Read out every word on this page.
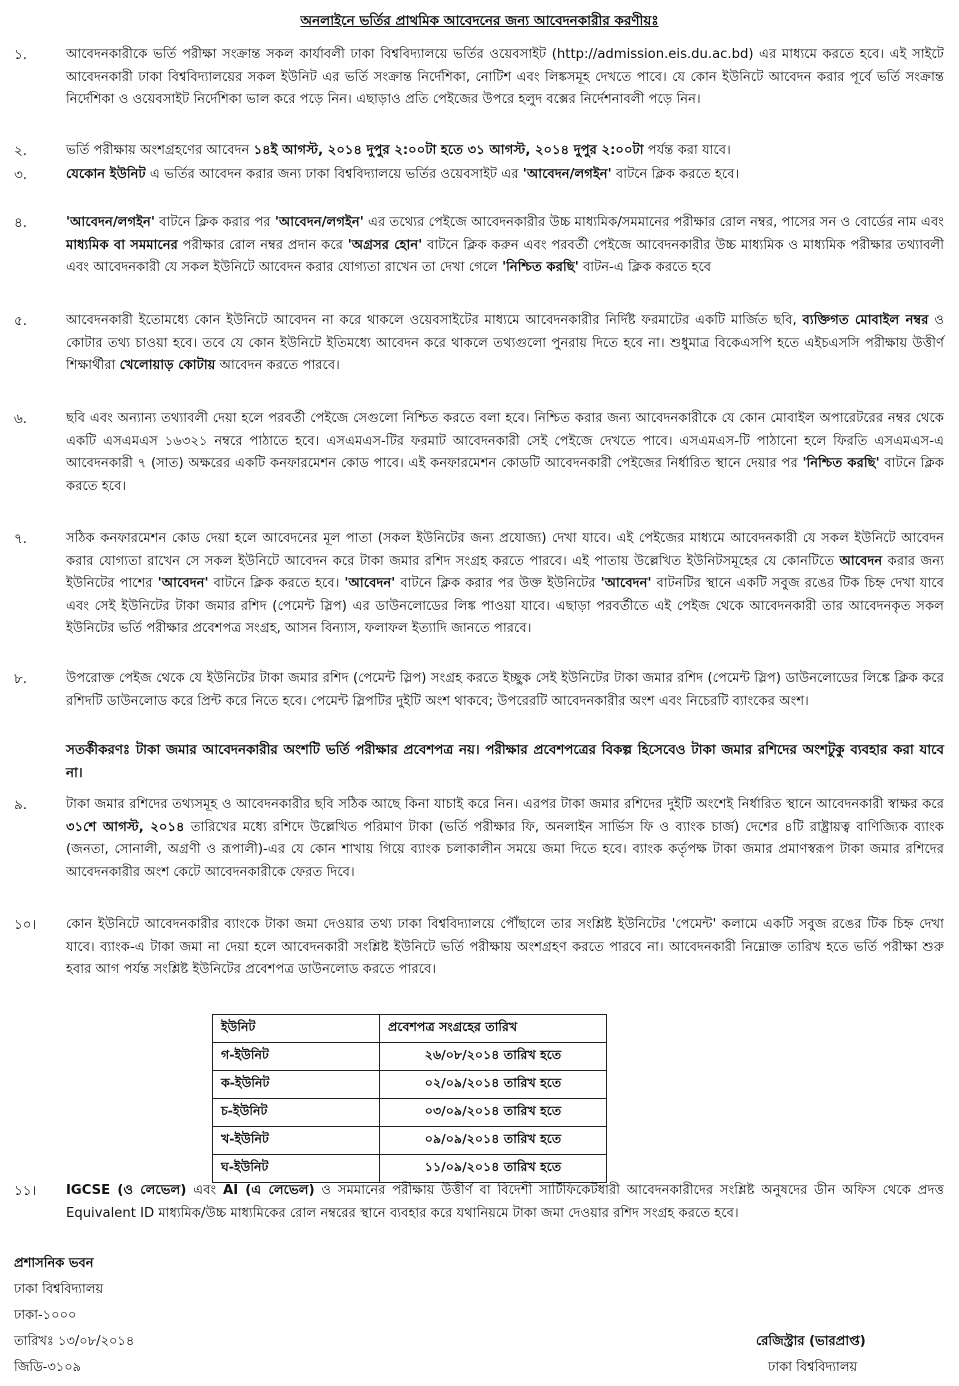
অনলাইনে ভর্তির প্রাথমিক আবেদনের জন্য আবেদনকারীর করণীয়ঃ
১.	আবেদনকারীকে ভর্তি পরীক্ষা সংক্রান্ত সকল কার্যাবলী ঢাকা বিশ্ববিদ্যালয়ে ভর্তির ওয়েবসাইট (http://admission.eis.du.ac.bd) এর মাধ্যমে করতে হবে। এই সাইটে আবেদনকারী ঢাকা বিশ্ববিদ্যালয়ের সকল ইউনিট এর ভর্তি সংক্রান্ত নির্দেশিকা, নোটিশ এবং লিঙ্কসমূহ দেখতে পাবে। যে কোন ইউনিটে আবেদন করার পূর্বে ভর্তি সংক্রান্ত নির্দেশিকা ও ওয়েবসাইট নির্দেশিকা ভাল করে পড়ে নিন। এছাড়াও প্রতি পেইজের উপরে হলুদ বক্সের নির্দেশনাবলী পড়ে নিন।
২.	ভর্তি পরীক্ষায় অংশগ্রহণের আবেদন ১৪ই আগস্ট, ২০১৪ দুপুর ২:০০টা হতে ৩১ আগস্ট, ২০১৪ দুপুর ২:০০টা পর্যন্ত করা যাবে।
৩.	যেকোন ইউনিট এ ভর্তির আবেদন করার জন্য ঢাকা বিশ্ববিদ্যালয়ে ভর্তির ওয়েবসাইট এর 'আবেদন/লগইন' বাটনে ক্লিক করতে হবে।
৪.	'আবেদন/লগইন' বাটনে ক্লিক করার পর 'আবেদন/লগইন' এর তথ্যের পেইজে আবেদনকারীর উচ্চ মাধ্যমিক/সমমানের পরীক্ষার রোল নম্বর, পাসের সন ও বোর্ডের নাম এবং মাধ্যমিক বা সমমানের পরীক্ষার রোল নম্বর প্রদান করে 'অগ্রসর হোন' বাটনে ক্লিক করুন এবং পরবর্তী পেইজে আবেদনকারীর উচ্চ মাধ্যমিক ও মাধ্যমিক পরীক্ষার তথ্যাবলী এবং আবেদনকারী যে সকল ইউনিটে আবেদন করার যোগ্যতা রাখেন তা দেখা গেলে 'নিশ্চিত করছি' বাটন-এ ক্লিক করতে হবে
৫.	আবেদনকারী ইতোমধ্যে কোন ইউনিটে আবেদন না করে থাকলে ওয়েবসাইটের মাধ্যমে আবেদনকারীর নির্দিষ্ট ফরমাটের একটি মার্জিত ছবি, ব্যক্তিগত মোবাইল নম্বর ও কোটার তথ্য চাওয়া হবে। তবে যে কোন ইউনিটে ইতিমধ্যে আবেদন করে থাকলে তথ্যগুলো পুনরায় দিতে হবে না। শুধুমাত্র বিকেএসপি হতে এইচএসসি পরীক্ষায় উত্তীর্ণ শিক্ষার্থীরা খেলোয়াড় কোটায় আবেদন করতে পারবে।
৬.	ছবি এবং অন্যান্য তথ্যাবলী দেয়া হলে পরবর্তী পেইজে সেগুলো নিশ্চিত করতে বলা হবে। নিশ্চিত করার জন্য আবেদনকারীকে যে কোন মোবাইল অপারেটরের নম্বর থেকে একটি এসএমএস ১৬৩২১ নম্বরে পাঠাতে হবে। এসএমএস-টির ফরমাট আবেদনকারী সেই পেইজে দেখতে পাবে। এসএমএস-টি পাঠানো হলে ফিরতি এসএমএস-এ আবেদনকারী ৭ (সাত) অক্ষরের একটি কনফারমেশন কোড পাবে। এই কনফারমেশন কোডটি আবেদনকারী পেইজের নির্ধারিত স্থানে দেয়ার পর 'নিশ্চিত করছি' বাটনে ক্লিক করতে হবে।
৭.	সঠিক কনফারমেশন কোড দেয়া হলে আবেদনের মূল পাতা (সকল ইউনিটের জন্য প্রযোজ্য) দেখা যাবে। এই পেইজের মাধ্যমে আবেদনকারী যে সকল ইউনিটে আবেদন করার যোগ্যতা রাখেন সে সকল ইউনিটে আবেদন করে টাকা জমার রশিদ সংগ্রহ করতে পারবে। এই পাতায় উল্লেখিত ইউনিটসমূহের যে কোনটিতে আবেদন করার জন্য ইউনিটের পাশের 'আবেদন' বাটনে ক্লিক করতে হবে। 'আবেদন' বাটনে ক্লিক করার পর উক্ত ইউনিটের 'আবেদন' বাটনটির স্থানে একটি সবুজ রঙের টিক চিহ্ন দেখা যাবে এবং সেই ইউনিটের টাকা জমার রশিদ (পেমেন্ট স্লিপ) এর ডাউনলোডের লিঙ্ক পাওয়া যাবে। এছাড়া পরবর্তীতে এই পেইজ থেকে আবেদনকারী তার আবেদনকৃত সকল ইউনিটের ভর্তি পরীক্ষার প্রবেশপত্র সংগ্রহ, আসন বিন্যাস, ফলাফল ইত্যাদি জানতে পারবে।
৮.	উপরোক্ত পেইজ থেকে যে ইউনিটের টাকা জমার রশিদ (পেমেন্ট স্লিপ) সংগ্রহ করতে ইচ্ছুক সেই ইউনিটের টাকা জমার রশিদ (পেমেন্ট স্লিপ) ডাউনলোডের লিঙ্কে ক্লিক করে রশিদটি ডাউনলোড করে প্রিন্ট করে নিতে হবে। পেমেন্ট স্লিপটির দুইটি অংশ থাকবে; উপরেরটি আবেদনকারীর অংশ এবং নিচেরটি ব্যাংকের অংশ।
সতর্কীকরণঃ টাকা জমার আবেদনকারীর অংশটি ভর্তি পরীক্ষার প্রবেশপত্র নয়। পরীক্ষার প্রবেশপত্রের বিকল্প হিসেবেও টাকা জমার রশিদের অংশটুকু ব্যবহার করা যাবে না।
৯.	টাকা জমার রশিদের তথ্যসমূহ ও আবেদনকারীর ছবি সঠিক আছে কিনা যাচাই করে নিন। এরপর টাকা জমার রশিদের দুইটি অংশেই নির্ধারিত স্থানে আবেদনকারী স্বাক্ষর করে ৩১শে আগস্ট, ২০১৪ তারিখের মধ্যে রশিদে উল্লেখিত পরিমাণ টাকা (ভর্তি পরীক্ষার ফি, অনলাইন সার্ভিস ফি ও ব্যাংক চার্জ) দেশের ৪টি রাষ্ট্রায়ত্ব বাণিজ্যিক ব্যাংক (জনতা, সোনালী, অগ্রণী ও রূপালী)-এর যে কোন শাখায় গিয়ে ব্যাংক চলাকালীন সময়ে জমা দিতে হবে। ব্যাংক কর্তৃপক্ষ টাকা জমার প্রমাণস্বরূপ টাকা জমার রশিদের আবেদনকারীর অংশ কেটে আবেদনকারীকে ফেরত দিবে।
১০।	কোন ইউনিটে আবেদনকারীর ব্যাংকে টাকা জমা দেওয়ার তথ্য ঢাকা বিশ্ববিদ্যালয়ে পৌঁছালে তার সংশ্লিষ্ট ইউনিটের 'পেমেন্ট' কলামে একটি সবুজ রঙের টিক চিহ্ন দেখা যাবে। ব্যাংক-এ টাকা জমা না দেয়া হলে আবেদনকারী সংশ্লিষ্ট ইউনিটে ভর্তি পরীক্ষায় অংশগ্রহণ করতে পারবে না। আবেদনকারী নিম্নোক্ত তারিখ হতে ভর্তি পরীক্ষা শুরু হবার আগ পর্যন্ত সংশ্লিষ্ট ইউনিটের প্রবেশপত্র ডাউনলোড করতে পারবে।
ইউনিট	প্রবেশপত্র সংগ্রহের তারিখ
গ-ইউনিট	২৬/০৮/২০১৪ তারিখ হতে
ক-ইউনিট	০২/০৯/২০১৪ তারিখ হতে
চ-ইউনিট	০৩/০৯/২০১৪ তারিখ হতে
খ-ইউনিট	০৯/০৯/২০১৪ তারিখ হতে
ঘ-ইউনিট	১১/০৯/২০১৪ তারিখ হতে
১১।	IGCSE (ও লেভেল) এবং AI (এ লেভেল) ও সমমানের পরীক্ষায় উত্তীর্ণ বা বিদেশী সার্টিফিকেটধারী আবেদনকারীদের সংশ্লিষ্ট অনুষদের ডীন অফিস থেকে প্রদত্ত Equivalent ID মাধ্যমিক/উচ্চ মাধ্যমিকের রোল নম্বরের স্থানে ব্যবহার করে যথানিয়মে টাকা জমা দেওয়ার রশিদ সংগ্রহ করতে হবে।
প্রশাসনিক ভবন
ঢাকা বিশ্ববিদ্যালয়
ঢাকা-১০০০
তারিখঃ ১৩/০৮/২০১৪
জিডি-৩১০৯
রেজিস্ট্রার (ভারপ্রাপ্ত)
ঢাকা বিশ্ববিদ্যালয়
